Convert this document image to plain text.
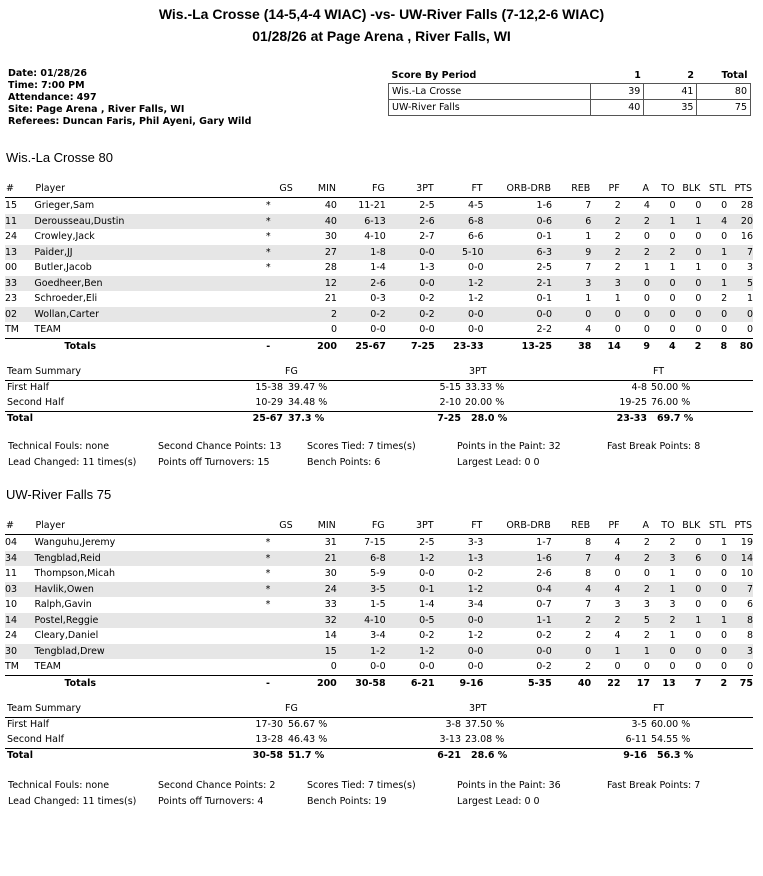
Wis.-La Crosse (14-5,4-4 WIAC) -vs- UW-River Falls (7-12,2-6 WIAC)
01/28/26 at Page Arena , River Falls, WI
Date: 01/28/26
Time: 7:00 PM
Attendance: 497
Site: Page Arena , River Falls, WI
Referees: Duncan Faris, Phil Ayeni, Gary Wild
Score By Period	1	2	Total
Wis.-La Crosse	39	41	80
UW-River Falls	40	35	75
Wis.-La Crosse 80
#	Player	GS	MIN	FG	3PT	FT	ORB-DRB	REB	PF	A	TO	BLK	STL	PTS
15	Grieger,Sam	*	40	11-21	2-5	4-5	1-6	7	2	4	0	0	0	28
11	Derousseau,Dustin	*	40	6-13	2-6	6-8	0-6	6	2	2	1	1	4	20
24	Crowley,Jack	*	30	4-10	2-7	6-6	0-1	1	2	0	0	0	0	16
13	Paider,JJ	*	27	1-8	0-0	5-10	6-3	9	2	2	2	0	1	7
00	Butler,Jacob	*	28	1-4	1-3	0-0	2-5	7	2	1	1	1	0	3
33	Goedheer,Ben		12	2-6	0-0	1-2	2-1	3	3	0	0	0	1	5
23	Schroeder,Eli		21	0-3	0-2	1-2	0-1	1	1	0	0	0	2	1
02	Wollan,Carter		2	0-2	0-2	0-0	0-0	0	0	0	0	0	0	0
TM	TEAM		0	0-0	0-0	0-0	2-2	4	0	0	0	0	0	0
	Totals	-	200	25-67	7-25	23-33	13-25	38	14	9	4	2	8	80
Team Summary	FG	3PT	FT
First Half	15-38 39.47 %	5-15 33.33 %	4-8 50.00 %
Second Half	10-29 34.48 %	2-10 20.00 %	19-25 76.00 %
Total	25-67 37.3 %	7-25 28.0 %	23-33 69.7 %
Technical Fouls: none	Second Chance Points: 13	Scores Tied: 7 times(s)	Points in the Paint: 32	Fast Break Points: 8
Lead Changed: 11 times(s) Points off Turnovers: 15	Bench Points: 6	Largest Lead: 0 0
UW-River Falls 75
#	Player	GS	MIN	FG	3PT	FT	ORB-DRB	REB	PF	A	TO	BLK	STL	PTS
04	Wanguhu,Jeremy	*	31	7-15	2-5	3-3	1-7	8	4	2	2	0	1	19
34	Tengblad,Reid	*	21	6-8	1-2	1-3	1-6	7	4	2	3	6	0	14
11	Thompson,Micah	*	30	5-9	0-0	0-2	2-6	8	0	0	1	0	0	10
03	Havlik,Owen	*	24	3-5	0-1	1-2	0-4	4	4	2	1	0	0	7
10	Ralph,Gavin	*	33	1-5	1-4	3-4	0-7	7	3	3	3	0	0	6
14	Postel,Reggie		32	4-10	0-5	0-0	1-1	2	2	5	2	1	1	8
24	Cleary,Daniel		14	3-4	0-2	1-2	0-2	2	4	2	1	0	0	8
30	Tengblad,Drew		15	1-2	1-2	0-0	0-0	0	1	1	0	0	0	3
TM	TEAM		0	0-0	0-0	0-0	0-2	2	0	0	0	0	0	0
	Totals	-	200	30-58	6-21	9-16	5-35	40	22	17	13	7	2	75
Team Summary	FG	3PT	FT
First Half	17-30 56.67 %	3-8 37.50 %	3-5 60.00 %
Second Half	13-28 46.43 %	3-13 23.08 %	6-11 54.55 %
Total	30-58 51.7 %	6-21 28.6 %	9-16 56.3 %
Technical Fouls: none	Second Chance Points: 2	Scores Tied: 7 times(s)	Points in the Paint: 36	Fast Break Points: 7
Lead Changed: 11 times(s) Points off Turnovers: 4	Bench Points: 19	Largest Lead: 0 0
